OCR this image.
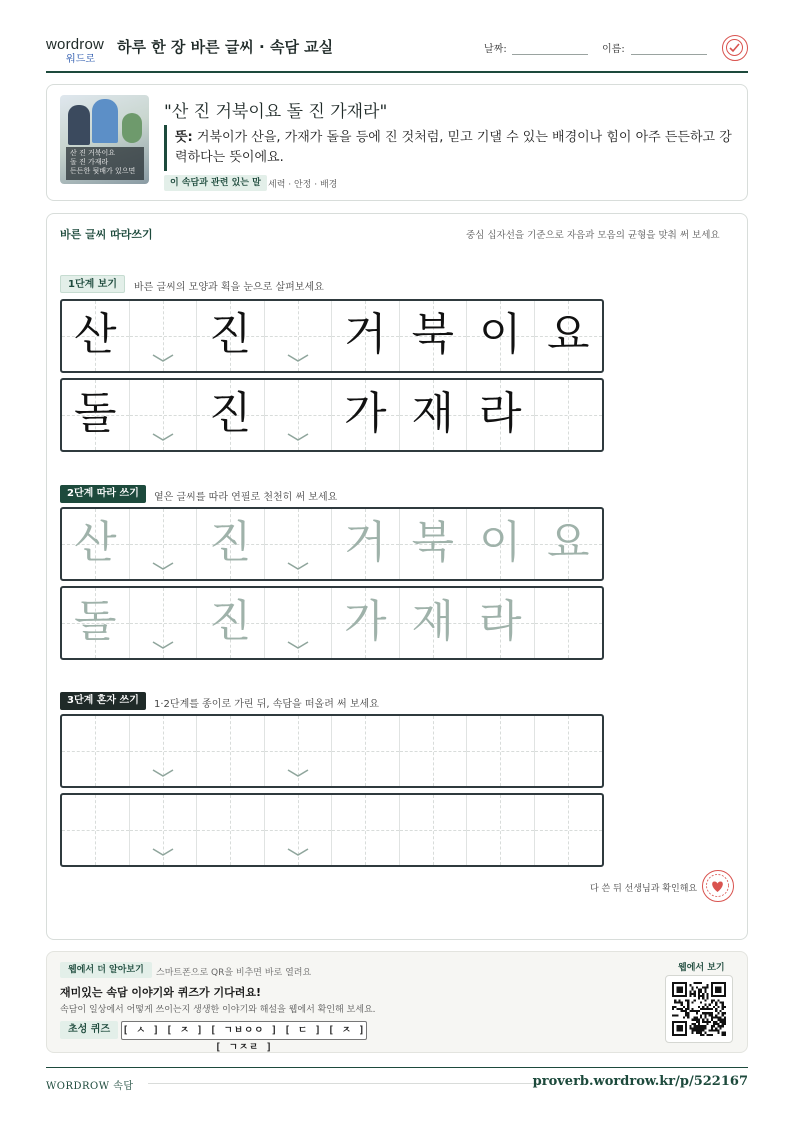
wordrow
워드로
하루 한 장 바른 글씨 · 속담 교실	날짜:	이름:
산 진 거북이요
돌 진 가재라
든든한 뒷배가 있으면
"산 진 거북이요 돌 진 가재라"
뜻: 거북이가 산을, 가재가 돌을 등에 진 것처럼, 믿고 기댈 수 있는 배경이나 힘이 아주 든든하고 강력하다는 뜻이에요.
이 속담과 관련 있는 말 세력 · 안정 · 배경
바른 글씨 따라쓰기	중심 십자선을 기준으로 자음과 모음의 균형을 맞춰 써 보세요
1단계 보기	바른 글씨의 모양과 획을 눈으로 살펴보세요
산 진 거 북 이 요
돌 진 가 재 라
2단계 따라 쓰기	옅은 글씨를 따라 연필로 천천히 써 보세요
산 진 거 북 이 요
돌 진 가 재 라
3단계 혼자 쓰기	1·2단계를 종이로 가린 뒤, 속담을 떠올려 써 보세요
다 쓴 뒤 선생님과 확인해요
웹에서 더 알아보기	스마트폰으로 QR을 비추면 바로 열려요
재미있는 속담 이야기와 퀴즈가 기다려요!
속담이 일상에서 어떻게 쓰이는지 생생한 이야기와 해설을 웹에서 확인해 보세요.
초성 퀴즈	[ ㅅ ] [ ㅈ ] [ ㄱㅂㅇㅇ ] [ ㄷ ] [ ㅈ ] [ ㄱㅈㄹ ]
웹에서 보기
WORDROW 속담	proverb.wordrow.kr/p/522167
